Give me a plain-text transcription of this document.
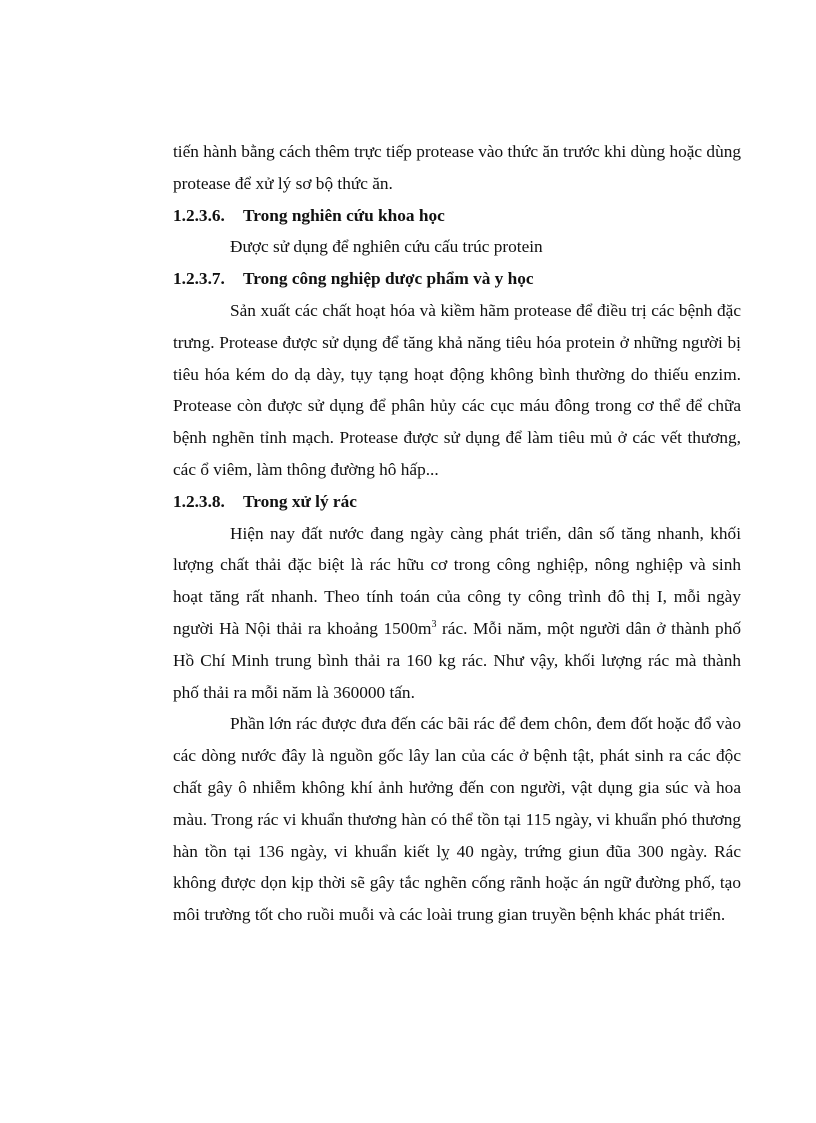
tiến hành bằng cách thêm trực tiếp protease vào thức ăn trước khi dùng hoặc dùng protease để xử lý sơ bộ thức ăn.

1.2.3.6. Trong nghiên cứu khoa học

Được sử dụng để nghiên cứu cấu trúc protein

1.2.3.7. Trong công nghiệp dược phẩm và y học

Sản xuất các chất hoạt hóa và kiềm hãm protease để điều trị các bệnh đặc trưng. Protease được sử dụng để tăng khả năng tiêu hóa protein ở những người bị tiêu hóa kém do dạ dày, tụy tạng hoạt động không bình thường do thiếu enzim. Protease còn được sử dụng để phân hủy các cục máu đông trong cơ thể để chữa bệnh nghẽn tỉnh mạch. Protease được sử dụng để làm tiêu mủ ở các vết thương, các ổ viêm, làm thông đường hô hấp...

1.2.3.8. Trong xử lý rác

Hiện nay đất nước đang ngày càng phát triển, dân số tăng nhanh, khối lượng chất thải đặc biệt là rác hữu cơ trong công nghiệp, nông nghiệp và sinh hoạt tăng rất nhanh. Theo tính toán của công ty công trình đô thị I, mỗi ngày người Hà Nội thải ra khoảng $1500m^3$ rác. Mỗi năm, một người dân ở thành phố Hồ Chí Minh trung bình thải ra 160 kg rác. Như vậy, khối lượng rác mà thành phố thải ra mỗi năm là 360000 tấn.

Phần lớn rác được đưa đến các bãi rác để đem chôn, đem đốt hoặc đổ vào các dòng nước đây là nguồn gốc lây lan của các ở bệnh tật, phát sinh ra các độc chất gây ô nhiễm không khí ảnh hưởng đến con người, vật dụng gia súc và hoa màu. Trong rác vi khuẩn thương hàn có thể tồn tại 115 ngày, vi khuẩn phó thương hàn tồn tại 136 ngày, vi khuẩn kiết lỵ 40 ngày, trứng giun đũa 300 ngày. Rác không được dọn kịp thời sẽ gây tắc nghẽn cống rãnh hoặc án ngữ đường phố, tạo môi trường tốt cho ruồi muỗi và các loài trung gian truyền bệnh khác phát triển.
